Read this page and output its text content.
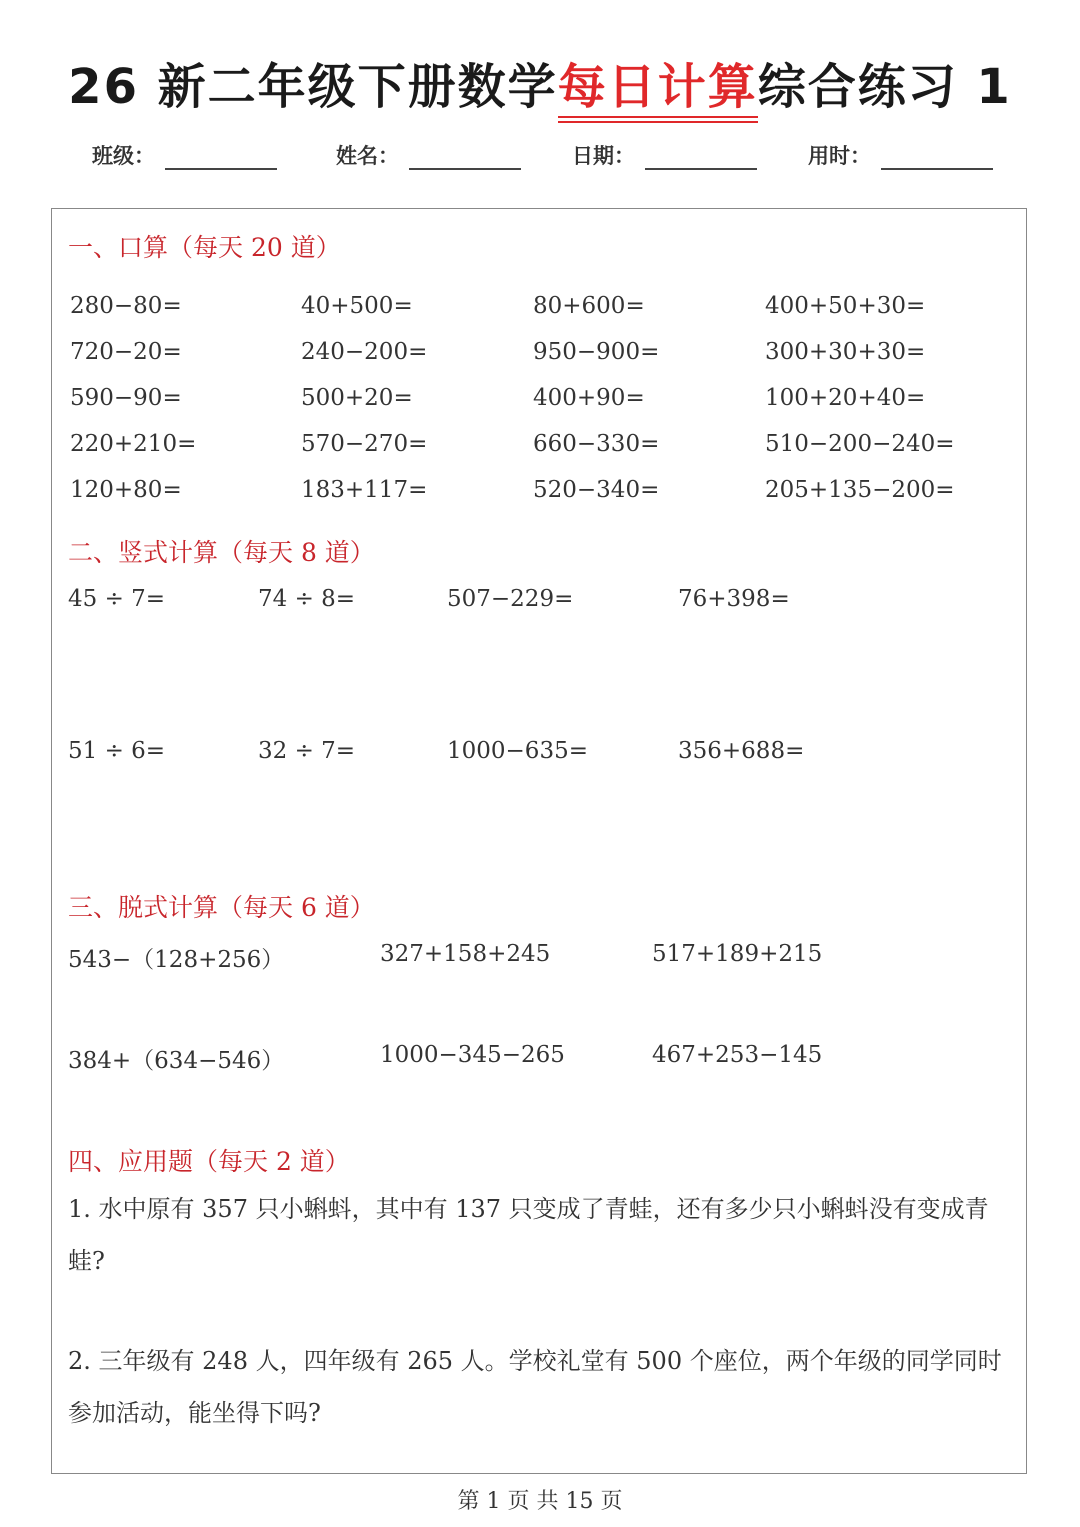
26 新二年级下册数学每日计算综合练习 1
班级：	姓名：	日期：	用时：
一、口算（每天 20 道）
280−80=	40+500=	80+600=	400+50+30=
720−20=	240−200=	950−900=	300+30+30=
590−90=	500+20=	400+90=	100+20+40=
220+210=	570−270=	660−330=	510−200−240=
120+80=	183+117=	520−340=	205+135−200=
二、竖式计算（每天 8 道）
45 ÷ 7=	74 ÷ 8=	507−229=	76+398=
51 ÷ 6=	32 ÷ 7=	1000−635=	356+688=
三、脱式计算（每天 6 道）
543−（128+256）	327+158+245	517+189+215
384+（634−546）	1000−345−265	467+253−145
四、应用题（每天 2 道）
1. 水中原有 357 只小蝌蚪，其中有 137 只变成了青蛙，还有多少只小蝌蚪没有变成青蛙?
2. 三年级有 248 人，四年级有 265 人。学校礼堂有 500 个座位，两个年级的同学同时参加活动，能坐得下吗?
第 1 页 共 15 页
